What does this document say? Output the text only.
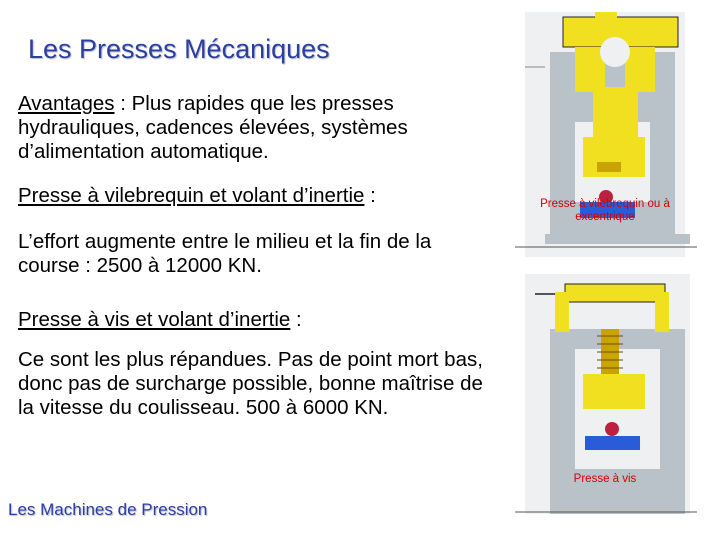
Les Presses Mécaniques
Avantages : Plus rapides que les presses hydrauliques, cadences élevées, systèmes d’alimentation automatique.
Presse à vilebrequin et volant d’inertie :
L’effort augmente entre le milieu et la fin de la course : 2500 à 12000 KN.
Presse à vis et volant d’inertie :
Ce sont les plus répandues. Pas de point mort bas, donc pas de surcharge possible, bonne maîtrise de la vitesse du coulisseau. 500 à 6000 KN.
Presse à vilebrequin ou à excentrique
Presse à vis
Les Machines de Pression
